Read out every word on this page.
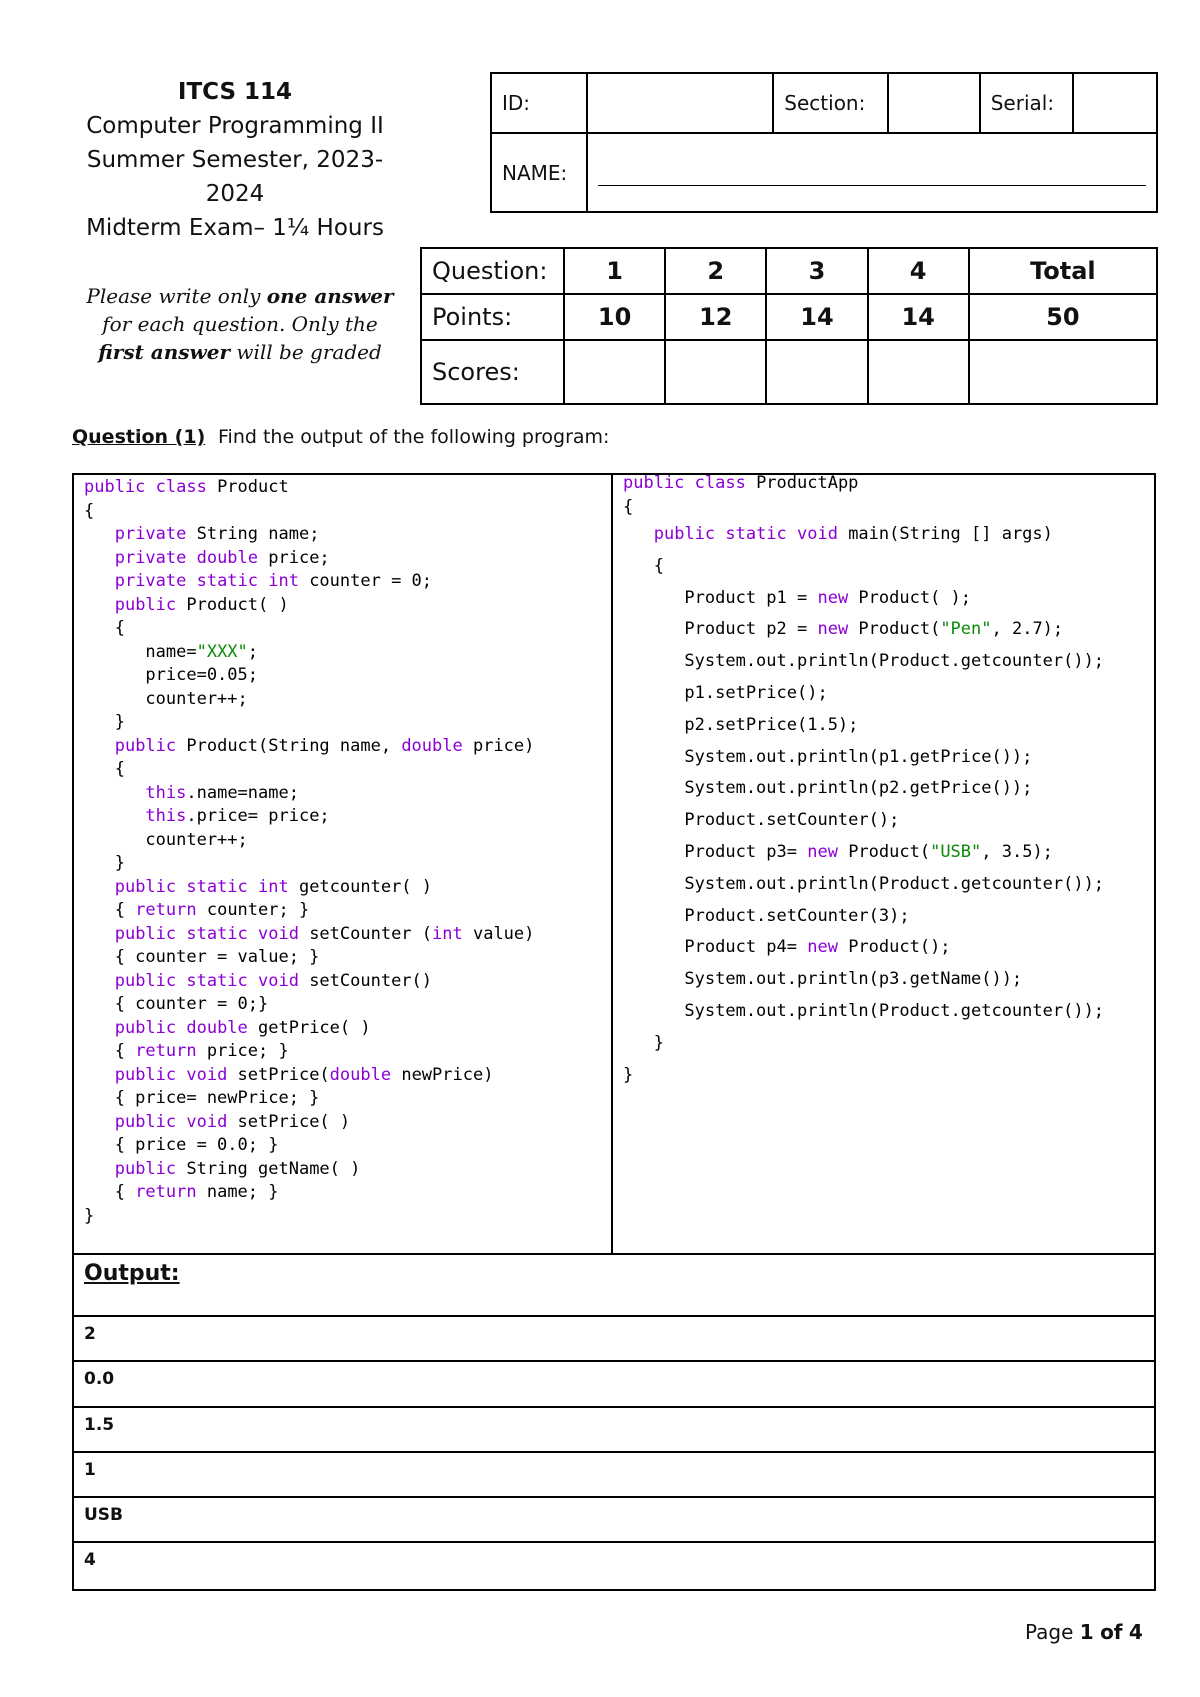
ITCS 114
Computer Programming II
Summer Semester, 2023-2024
Midterm Exam– 1¼ Hours
ID:		Section:		Serial:	
NAME:					
Please write only one answer
for each question. Only the
first answer will be graded
Question:	1	2	3	4	Total
Points:	10	12	14	14	50
Scores:					
Question (1) Find the output of the following program:
public class Product
{
private String name;
private double price;
private static int counter = 0;
public Product( )
{
name="XXX";
price=0.05;
counter++;
}
public Product(String name, double price)
{
this.name=name;
this.price= price;
counter++;
}
public static int getcounter( )
{ return counter; }
public static void setCounter (int value)
{ counter = value; }
public static void setCounter()
{ counter = 0;}
public double getPrice( )
{ return price; }
public void setPrice(double newPrice)
{ price= newPrice; }
public void setPrice( )
{ price = 0.0; }
public String getName( )
{ return name; }
}
public class ProductApp
{
public static void main(String [] args)
{
Product p1 = new Product( );
Product p2 = new Product("Pen", 2.7);
System.out.println(Product.getcounter());
p1.setPrice();
p2.setPrice(1.5);
System.out.println(p1.getPrice());
System.out.println(p2.getPrice());
Product.setCounter();
Product p3= new Product("USB", 3.5);
System.out.println(Product.getcounter());
Product.setCounter(3);
Product p4= new Product();
System.out.println(p3.getName());
System.out.println(Product.getcounter());
}
}
Output:
2
0.0
1.5
1
USB
4
Page 1 of 4
